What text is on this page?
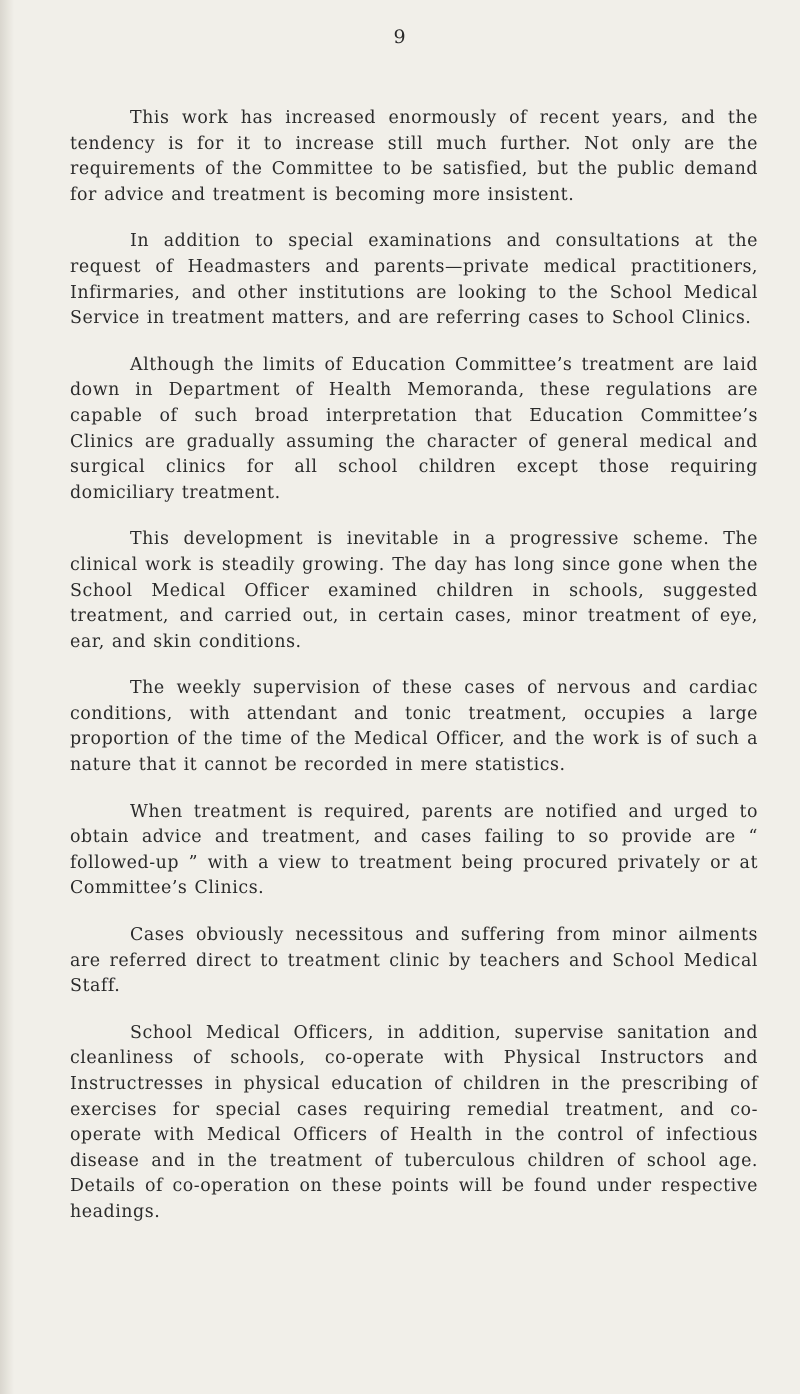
9

This work has increased enormously of recent years, and the tendency is for it to increase still much further. Not only are the requirements of the Committee to be satisfied, but the public demand for advice and treatment is becoming more insistent.

In addition to special examinations and consultations at the request of Headmasters and parents—private medical practitioners, Infirmaries, and other institutions are looking to the School Medical Service in treatment matters, and are referring cases to School Clinics.

Although the limits of Education Committee’s treatment are laid down in Department of Health Memoranda, these regulations are capable of such broad interpretation that Education Committee’s Clinics are gradually assuming the character of general medical and surgical clinics for all school children except those requiring domiciliary treatment.

This development is inevitable in a progressive scheme. The clinical work is steadily growing. The day has long since gone when the School Medical Officer examined children in schools, suggested treatment, and carried out, in certain cases, minor treatment of eye, ear, and skin conditions.

The weekly supervision of these cases of nervous and cardiac conditions, with attendant and tonic treatment, occupies a large proportion of the time of the Medical Officer, and the work is of such a nature that it cannot be recorded in mere statistics.

When treatment is required, parents are notified and urged to obtain advice and treatment, and cases failing to so provide are “ followed-up ” with a view to treatment being procured privately or at Committee’s Clinics.

Cases obviously necessitous and suffering from minor ailments are referred direct to treatment clinic by teachers and School Medical Staff.

School Medical Officers, in addition, supervise sanitation and cleanliness of schools, co-operate with Physical Instructors and Instructresses in physical education of children in the prescribing of exercises for special cases requiring remedial treatment, and co-operate with Medical Officers of Health in the control of infectious disease and in the treatment of tuberculous children of school age. Details of co-operation on these points will be found under respective headings.
